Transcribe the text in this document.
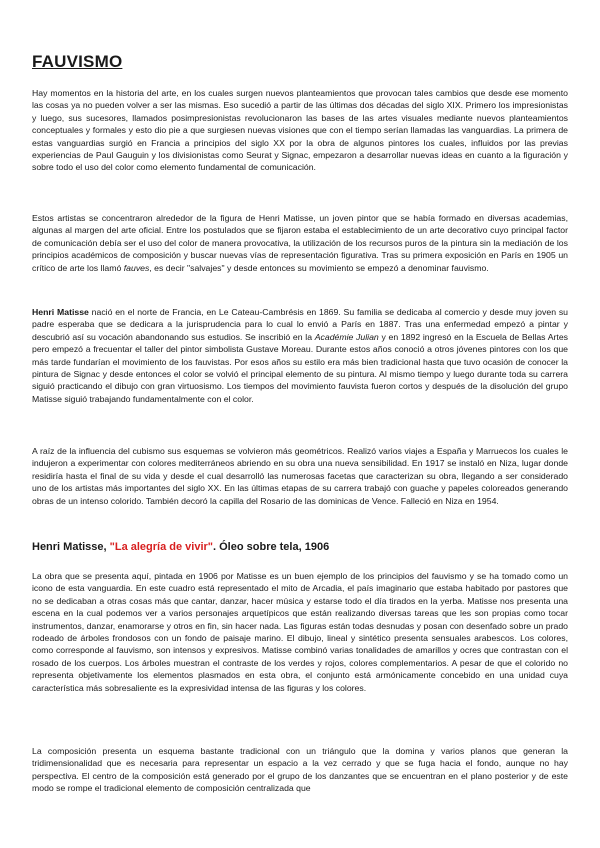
FAUVISMO

Hay momentos en la historia del arte, en los cuales surgen nuevos planteamientos que provocan tales cambios que desde ese momento las cosas ya no pueden volver a ser las mismas. Eso sucedió a partir de las últimas dos décadas del siglo XIX. Primero los impresionistas y luego, sus sucesores, llamados posimpresionistas revolucionaron las bases de las artes visuales mediante nuevos planteamientos conceptuales y formales y esto dio pie a que surgiesen nuevas visiones que con el tiempo serían llamadas las vanguardias. La primera de estas vanguardias surgió en Francia a principios del siglo XX por la obra de algunos pintores los cuales, influidos por las previas experiencias de Paul Gauguin y los divisionistas como Seurat y Signac, empezaron a desarrollar nuevas ideas en cuanto a la figuración y sobre todo el uso del color como elemento fundamental de comunicación.

Estos artistas se concentraron alrededor de la figura de Henri Matisse, un joven pintor que se había formado en diversas academias, algunas al margen del arte oficial. Entre los postulados que se fijaron estaba el establecimiento de un arte decorativo cuyo principal factor de comunicación debía ser el uso del color de manera provocativa, la utilización de los recursos puros de la pintura sin la mediación de los principios académicos de composición y buscar nuevas vías de representación figurativa. Tras su primera exposición en París en 1905 un crítico de arte los llamó fauves, es decir "salvajes" y desde entonces su movimiento se empezó a denominar fauvismo.

Henri Matisse nació en el norte de Francia, en Le Cateau-Cambrésis en 1869. Su familia se dedicaba al comercio y desde muy joven su padre esperaba que se dedicara a la jurisprudencia para lo cual lo envió a París en 1887. Tras una enfermedad empezó a pintar y descubrió así su vocación abandonando sus estudios. Se inscribió en la Académie Julian y en 1892 ingresó en la Escuela de Bellas Artes pero empezó a frecuentar el taller del pintor simbolista Gustave Moreau. Durante estos años conoció a otros jóvenes pintores con los que más tarde fundarían el movimiento de los fauvistas. Por esos años su estilo era más bien tradicional hasta que tuvo ocasión de conocer la pintura de Signac y desde entonces el color se volvió el principal elemento de su pintura. Al mismo tiempo y luego durante toda su carrera siguió practicando el dibujo con gran virtuosismo. Los tiempos del movimiento fauvista fueron cortos y después de la disolución del grupo Matisse siguió trabajando fundamentalmente con el color.

A raíz de la influencia del cubismo sus esquemas se volvieron más geométricos. Realizó varios viajes a España y Marruecos los cuales le indujeron a experimentar con colores mediterráneos abriendo en su obra una nueva sensibilidad. En 1917 se instaló en Niza, lugar donde residiría hasta el final de su vida y desde el cual desarrolló las numerosas facetas que caracterizan su obra, llegando a ser considerado uno de los artistas más importantes del siglo XX. En las últimas etapas de su carrera trabajó con guache y papeles coloreados generando obras de un intenso colorido. También decoró la capilla del Rosario de las dominicas de Vence. Falleció en Niza en 1954.

Henri Matisse, "La alegría de vivir". Óleo sobre tela, 1906

La obra que se presenta aquí, pintada en 1906 por Matisse es un buen ejemplo de los principios del fauvismo y se ha tomado como un icono de esta vanguardia. En este cuadro está representado el mito de Arcadia, el país imaginario que estaba habitado por pastores que no se dedicaban a otras cosas más que cantar, danzar, hacer música y estarse todo el día tirados en la yerba. Matisse nos presenta una escena en la cual podemos ver a varios personajes arquetípicos que están realizando diversas tareas que les son propias como tocar instrumentos, danzar, enamorarse y otros en fin, sin hacer nada. Las figuras están todas desnudas y posan con desenfado sobre un prado rodeado de árboles frondosos con un fondo de paisaje marino. El dibujo, lineal y sintético presenta sensuales arabescos. Los colores, como corresponde al fauvismo, son intensos y expresivos. Matisse combinó varias tonalidades de amarillos y ocres que contrastan con el rosado de los cuerpos. Los árboles muestran el contraste de los verdes y rojos, colores complementarios. A pesar de que el colorido no representa objetivamente los elementos plasmados en esta obra, el conjunto está armónicamente concebido en una unidad cuya característica más sobresaliente es la expresividad intensa de las figuras y los colores.

La composición presenta un esquema bastante tradicional con un triángulo que la domina y varios planos que generan la tridimensionalidad que es necesaria para representar un espacio a la vez cerrado y que se fuga hacia el fondo, aunque no hay perspectiva. El centro de la composición está generado por el grupo de los danzantes que se encuentran en el plano posterior y de este modo se rompe el tradicional elemento de composición centralizada que
